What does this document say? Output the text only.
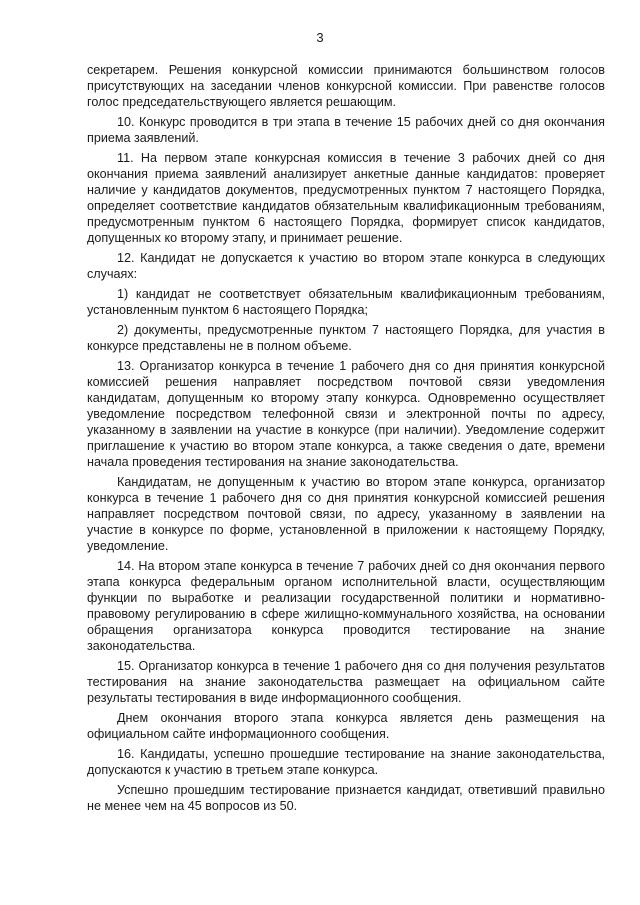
3

секретарем. Решения конкурсной комиссии принимаются большинством голосов присутствующих на заседании членов конкурсной комиссии. При равенстве голосов голос председательствующего является решающим.

10. Конкурс проводится в три этапа в течение 15 рабочих дней со дня окончания приема заявлений.

11. На первом этапе конкурсная комиссия в течение 3 рабочих дней со дня окончания приема заявлений анализирует анкетные данные кандидатов: проверяет наличие у кандидатов документов, предусмотренных пунктом 7 настоящего Порядка, определяет соответствие кандидатов обязательным квалификационным требованиям, предусмотренным пунктом 6 настоящего Порядка, формирует список кандидатов, допущенных ко второму этапу, и принимает решение.

12. Кандидат не допускается к участию во втором этапе конкурса в следующих случаях:

1) кандидат не соответствует обязательным квалификационным требованиям, установленным пунктом 6 настоящего Порядка;

2) документы, предусмотренные пунктом 7 настоящего Порядка, для участия в конкурсе представлены не в полном объеме.

13. Организатор конкурса в течение 1 рабочего дня со дня принятия конкурсной комиссией решения направляет посредством почтовой связи уведомления кандидатам, допущенным ко второму этапу конкурса. Одновременно осуществляет уведомление посредством телефонной связи и электронной почты по адресу, указанному в заявлении на участие в конкурсе (при наличии). Уведомление содержит приглашение к участию во втором этапе конкурса, а также сведения о дате, времени начала проведения тестирования на знание законодательства.

Кандидатам, не допущенным к участию во втором этапе конкурса, организатор конкурса в течение 1 рабочего дня со дня принятия конкурсной комиссией решения направляет посредством почтовой связи, по адресу, указанному в заявлении на участие в конкурсе по форме, установленной в приложении к настоящему Порядку, уведомление.

14. На втором этапе конкурса в течение 7 рабочих дней со дня окончания первого этапа конкурса федеральным органом исполнительной власти, осуществляющим функции по выработке и реализации государственной политики и нормативно-правовому регулированию в сфере жилищно-коммунального хозяйства, на основании обращения организатора конкурса проводится тестирование на знание законодательства.

15. Организатор конкурса в течение 1 рабочего дня со дня получения результатов тестирования на знание законодательства размещает на официальном сайте результаты тестирования в виде информационного сообщения.

Днем окончания второго этапа конкурса является день размещения на официальном сайте информационного сообщения.

16. Кандидаты, успешно прошедшие тестирование на знание законодательства, допускаются к участию в третьем этапе конкурса.

Успешно прошедшим тестирование признается кандидат, ответивший правильно не менее чем на 45 вопросов из 50.
